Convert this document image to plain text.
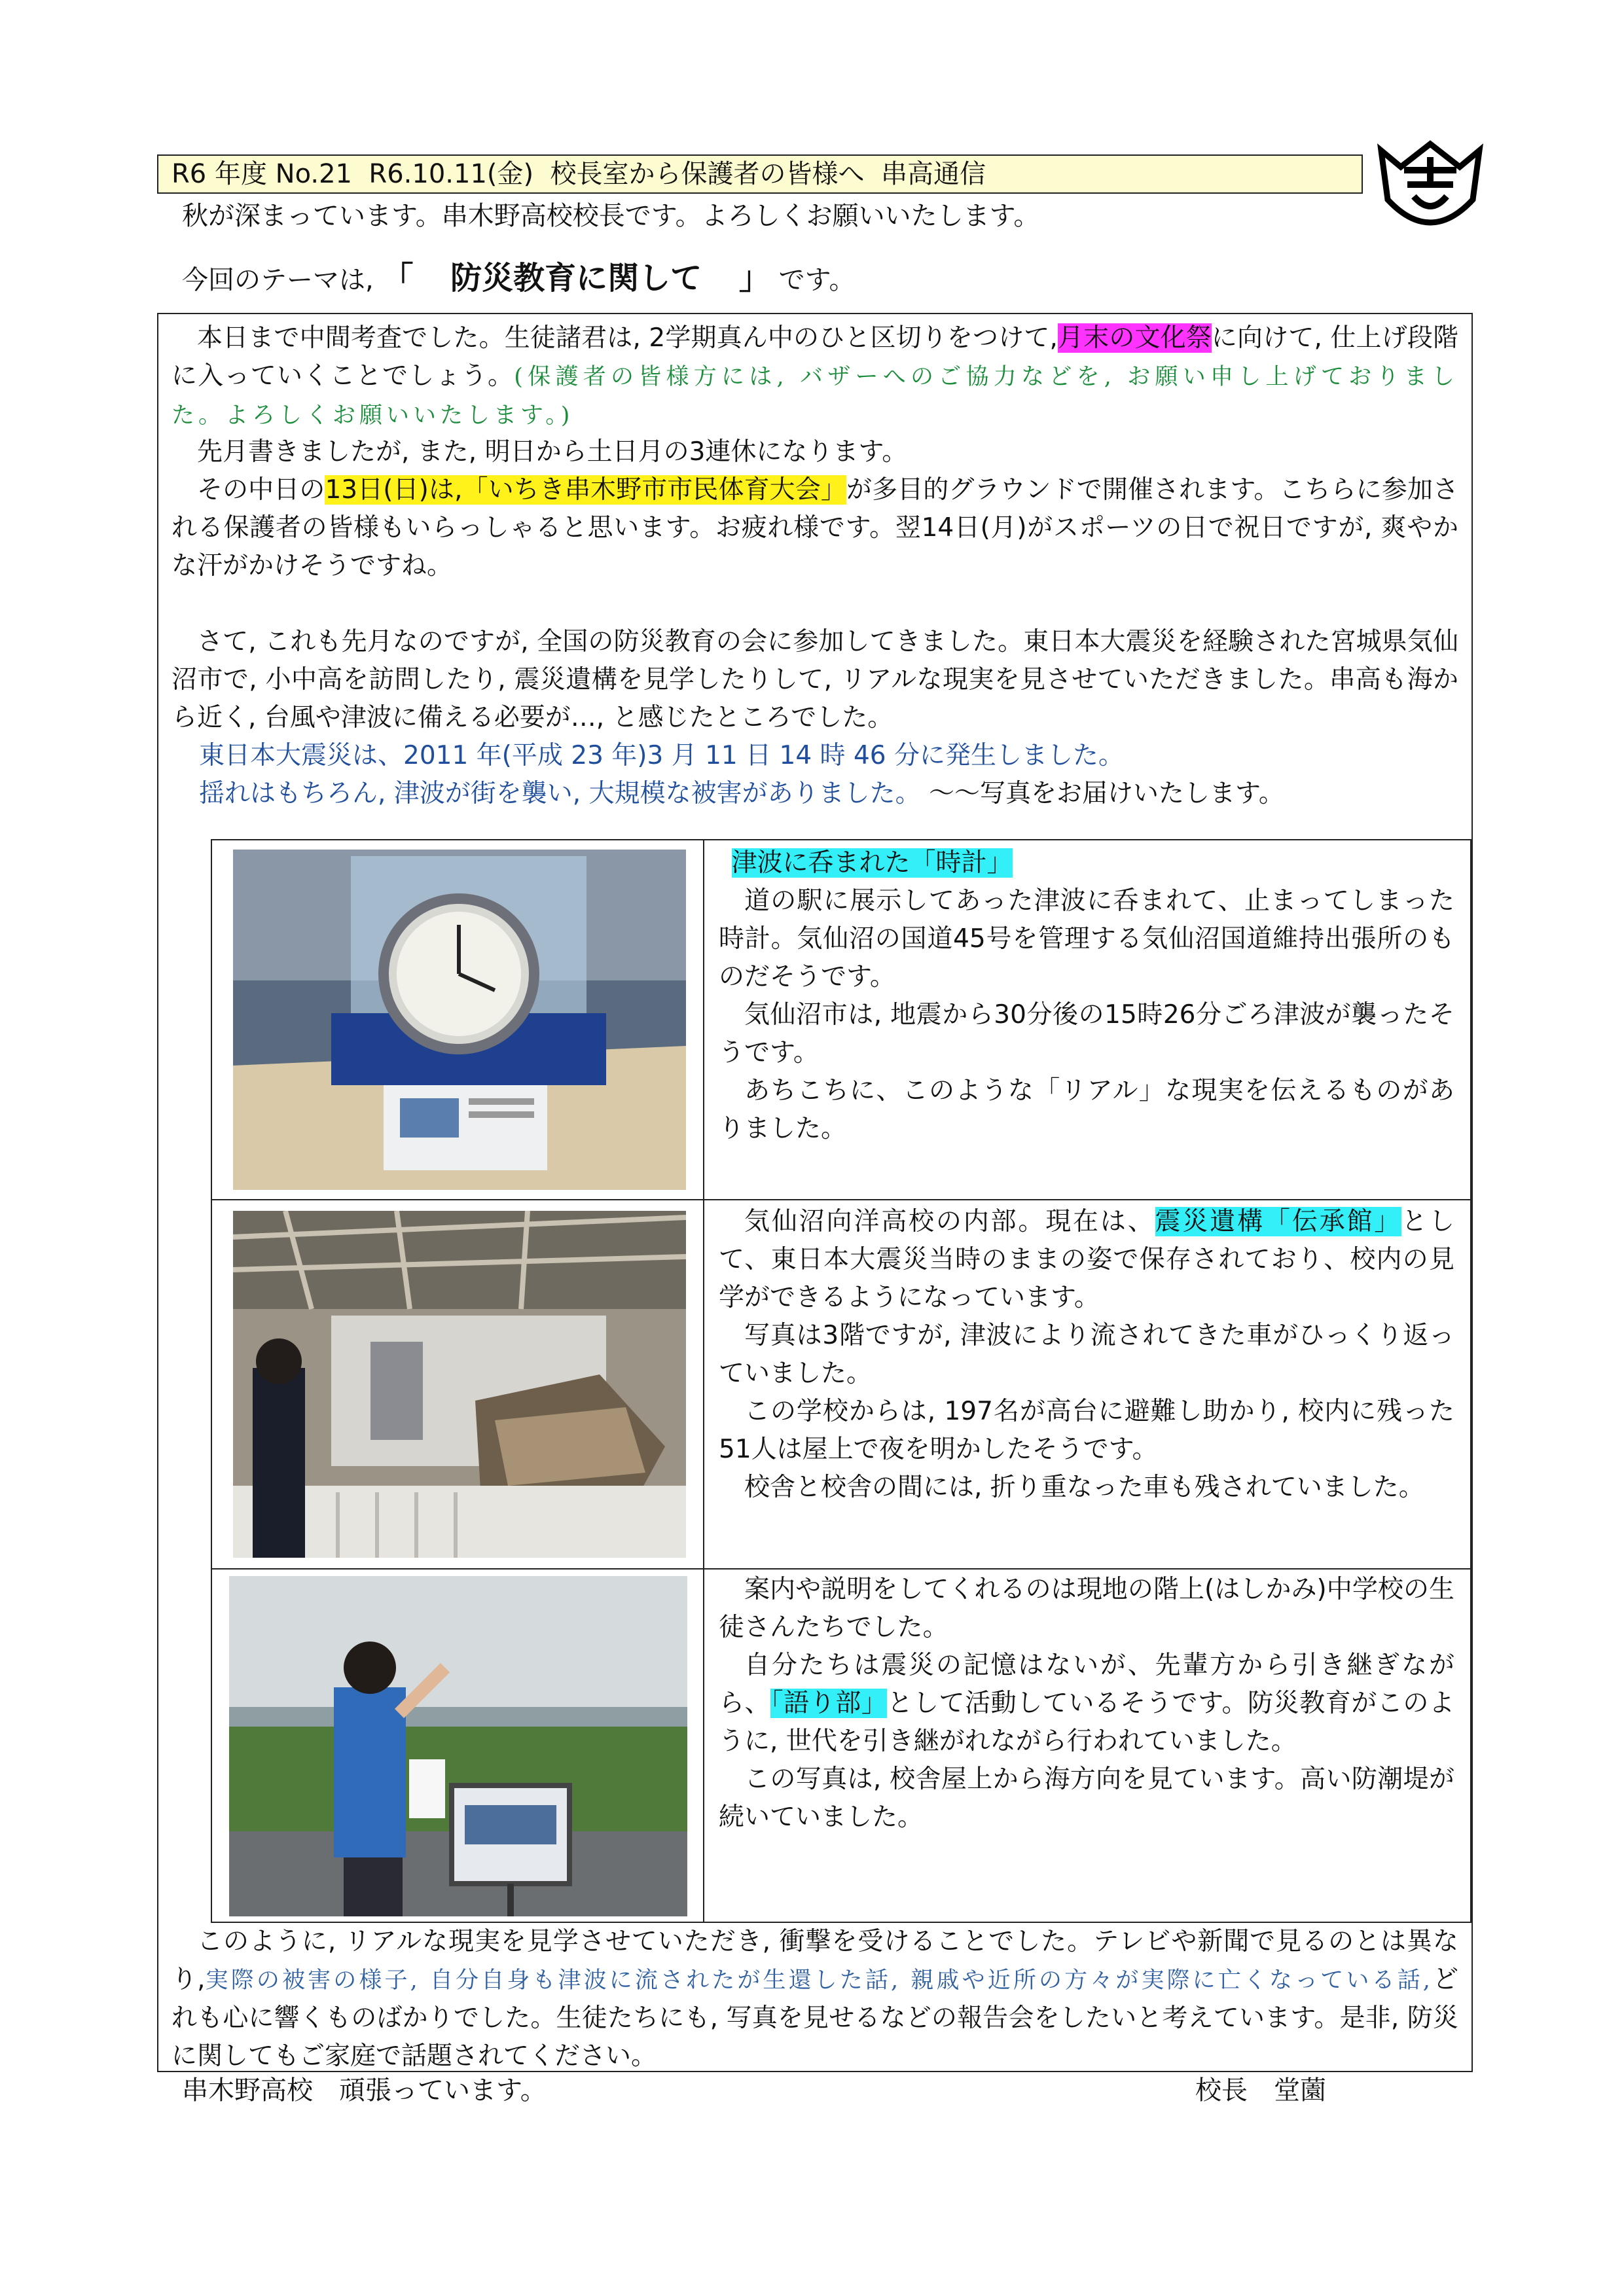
R6 年度 No.21 R6.10.11(金) 校長室から保護者の皆様へ 串高通信
秋が深まっています。串木野高校校長です。よろしくお願いいたします。
今回のテーマは, 「 防災教育に関して 」 です。

本日まで中間考査でした。生徒諸君は, 2学期真ん中のひと区切りをつけて,月末の文化祭に向けて, 仕上げ段階に入っていくことでしょう。(保護者の皆様方には, バザーへのご協力などを, お願い申し上げておりました。よろしくお願いいたします。)

先月書きましたが, また, 明日から土日月の3連休になります。

その中日の13日(日)は,「いちき串木野市市民体育大会」が多目的グラウンドで開催されます。こちらに参加される保護者の皆様もいらっしゃると思います。お疲れ様です。翌14日(月)がスポーツの日で祝日ですが, 爽やかな汗がかけそうですね。

さて, これも先月なのですが, 全国の防災教育の会に参加してきました。東日本大震災を経験された宮城県気仙沼市で, 小中高を訪問したり, 震災遺構を見学したりして, リアルな現実を見させていただきました。串高も海から近く, 台風や津波に備える必要が…, と感じたところでした。

東日本大震災は、2011 年(平成 23 年)3 月 11 日 14 時 46 分に発生しました。

揺れはもちろん, 津波が街を襲い, 大規模な被害がありました。 ～～写真をお届けいたします。

津波に呑まれた「時計」

道の駅に展示してあった津波に呑まれて、止まってしまった時計。気仙沼の国道45号を管理する気仙沼国道維持出張所のものだそうです。

気仙沼市は, 地震から30分後の15時26分ごろ津波が襲ったそうです。

あちこちに、このような「リアル」な現実を伝えるものがありました。

気仙沼向洋高校の内部。現在は、震災遺構「伝承館」として、東日本大震災当時のままの姿で保存されており、校内の見学ができるようになっています。

写真は3階ですが, 津波により流されてきた車がひっくり返っていました。

この学校からは, 197名が高台に避難し助かり, 校内に残った51人は屋上で夜を明かしたそうです。

校舎と校舎の間には, 折り重なった車も残されていました。

案内や説明をしてくれるのは現地の階上(はしかみ)中学校の生徒さんたちでした。

自分たちは震災の記憶はないが、先輩方から引き継ぎながら、「語り部」として活動しているそうです。防災教育がこのように, 世代を引き継がれながら行われていました。

この写真は, 校舎屋上から海方向を見ています。高い防潮堤が続いていました。

このように, リアルな現実を見学させていただき, 衝撃を受けることでした。テレビや新聞で見るのとは異なり,実際の被害の様子, 自分自身も津波に流されたが生還した話, 親戚や近所の方々が実際に亡くなっている話,どれも心に響くものばかりでした。生徒たちにも, 写真を見せるなどの報告会をしたいと考えています。是非, 防災に関してもご家庭で話題されてください。

串木野高校　頑張っています。	校長　堂薗
